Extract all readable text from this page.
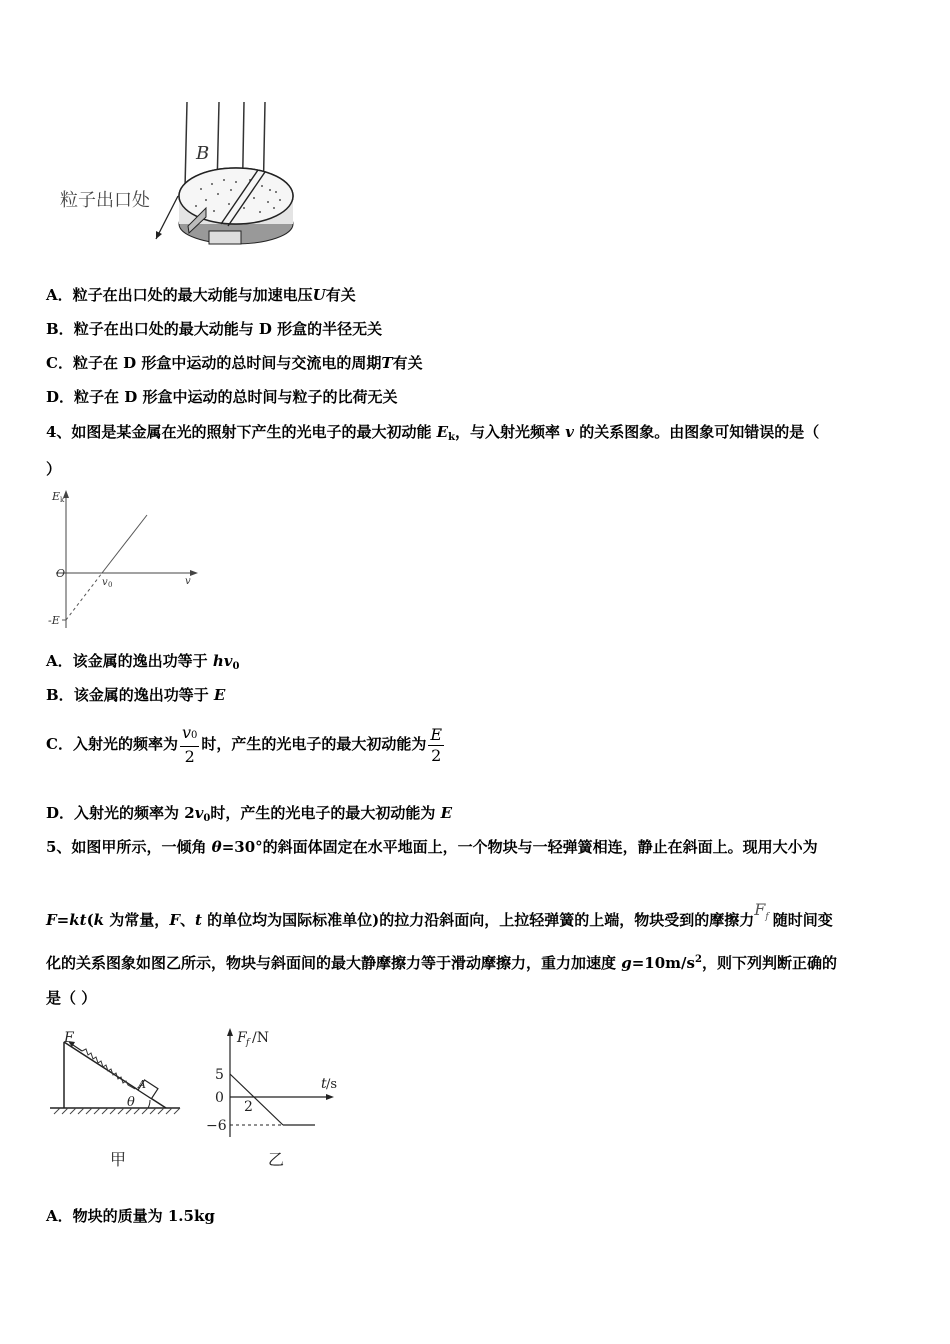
B
粒子出口处
A．粒子在出口处的最大动能与加速电压U有关
B．粒子在出口处的最大动能与 D 形盒的半径无关
C．粒子在 D 形盒中运动的总时间与交流电的周期T有关
D．粒子在 D 形盒中运动的总时间与粒子的比荷无关
4、如图是某金属在光的照射下产生的光电子的最大初动能 $E_k$，与入射光频率 v 的关系图象。由图象可知错误的是（
）
E k
O
v
v 0
-E
A．该金属的逸出功等于 $hv_0$
B．该金属的逸出功等于 E
C．入射光的频率为 $\frac{v0}{2}$ 时，产生的光电子的最大初动能为 $\frac{E}{2}$
D．入射光的频率为 $2v_0$时，产生的光电子的最大初动能为 E
5、如图甲所示，一倾角 θ=30°的斜面体固定在水平地面上，一个物块与一轻弹簧相连，静止在斜面上。现用大小为
F=kt(k 为常量，F、t 的单位均为国际标准单位)的拉力沿斜面向，上拉轻弹簧的上端，物块受到的摩擦力$F^f$ 随时间变
化的关系图象如图乙所示，物块与斜面间的最大静摩擦力等于滑动摩擦力，重力加速度 $g=10m/s^2$，则下列判断正确的
是（ ）
F
A
θ
甲
F f /N
t /s
5
0
2
−6
乙
A．物块的质量为 1.5kg
